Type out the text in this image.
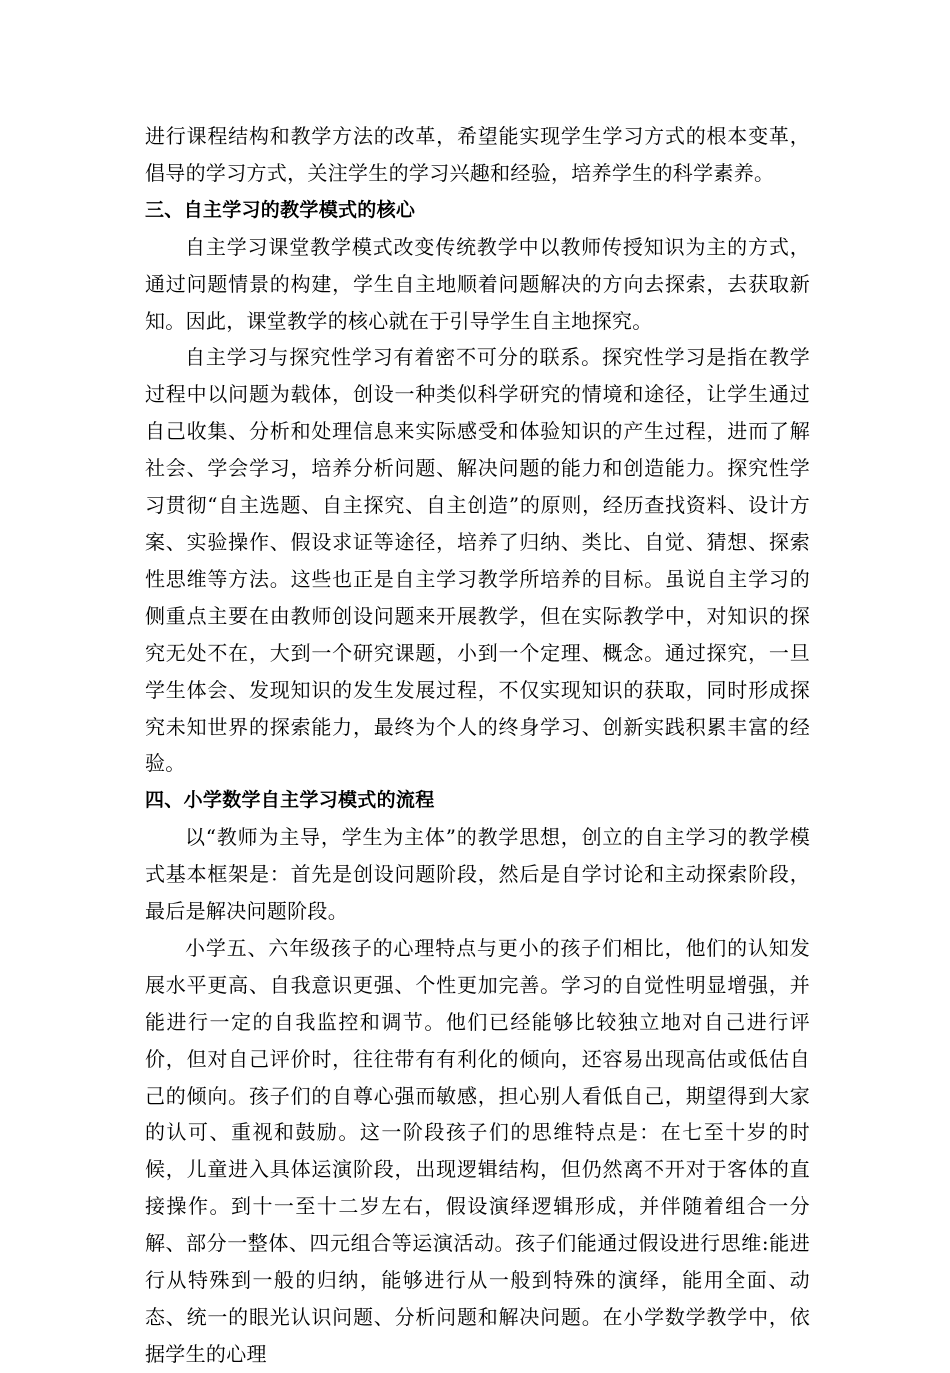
进行课程结构和教学方法的改革，希望能实现学生学习方式的根本变革，倡导的学习方式，关注学生的学习兴趣和经验，培养学生的科学素养。

三、自主学习的教学模式的核心

自主学习课堂教学模式改变传统教学中以教师传授知识为主的方式，通过问题情景的构建，学生自主地顺着问题解决的方向去探索，去获取新知。因此，课堂教学的核心就在于引导学生自主地探究。

自主学习与探究性学习有着密不可分的联系。探究性学习是指在教学过程中以问题为载体，创设一种类似科学研究的情境和途径，让学生通过自己收集、分析和处理信息来实际感受和体验知识的产生过程，进而了解社会、学会学习，培养分析问题、解决问题的能力和创造能力。探究性学习贯彻“自主选题、自主探究、自主创造”的原则，经历查找资料、设计方案、实验操作、假设求证等途径，培养了归纳、类比、自觉、猜想、探索性思维等方法。这些也正是自主学习教学所培养的目标。虽说自主学习的侧重点主要在由教师创设问题来开展教学，但在实际教学中，对知识的探究无处不在，大到一个研究课题，小到一个定理、概念。通过探究，一旦学生体会、发现知识的发生发展过程，不仅实现知识的获取，同时形成探究未知世界的探索能力，最终为个人的终身学习、创新实践积累丰富的经验。

四、小学数学自主学习模式的流程

以“教师为主导，学生为主体”的教学思想，创立的自主学习的教学模式基本框架是：首先是创设问题阶段，然后是自学讨论和主动探索阶段，最后是解决问题阶段。

小学五、六年级孩子的心理特点与更小的孩子们相比，他们的认知发展水平更高、自我意识更强、个性更加完善。学习的自觉性明显增强，并能进行一定的自我监控和调节。他们已经能够比较独立地对自己进行评价，但对自己评价时，往往带有有利化的倾向，还容易出现高估或低估自己的倾向。孩子们的自尊心强而敏感，担心别人看低自己，期望得到大家的认可、重视和鼓励。这一阶段孩子们的思维特点是：在七至十岁的时候，儿童进入具体运演阶段，出现逻辑结构，但仍然离不开对于客体的直接操作。到十一至十二岁左右，假设演绎逻辑形成，并伴随着组合一分解、部分一整体、四元组合等运演活动。孩子们能通过假设进行思维:能进行从特殊到一般的归纳，能够进行从一般到特殊的演绎，能用全面、动态、统一的眼光认识问题、分析问题和解决问题。在小学数学教学中，依据学生的心理
